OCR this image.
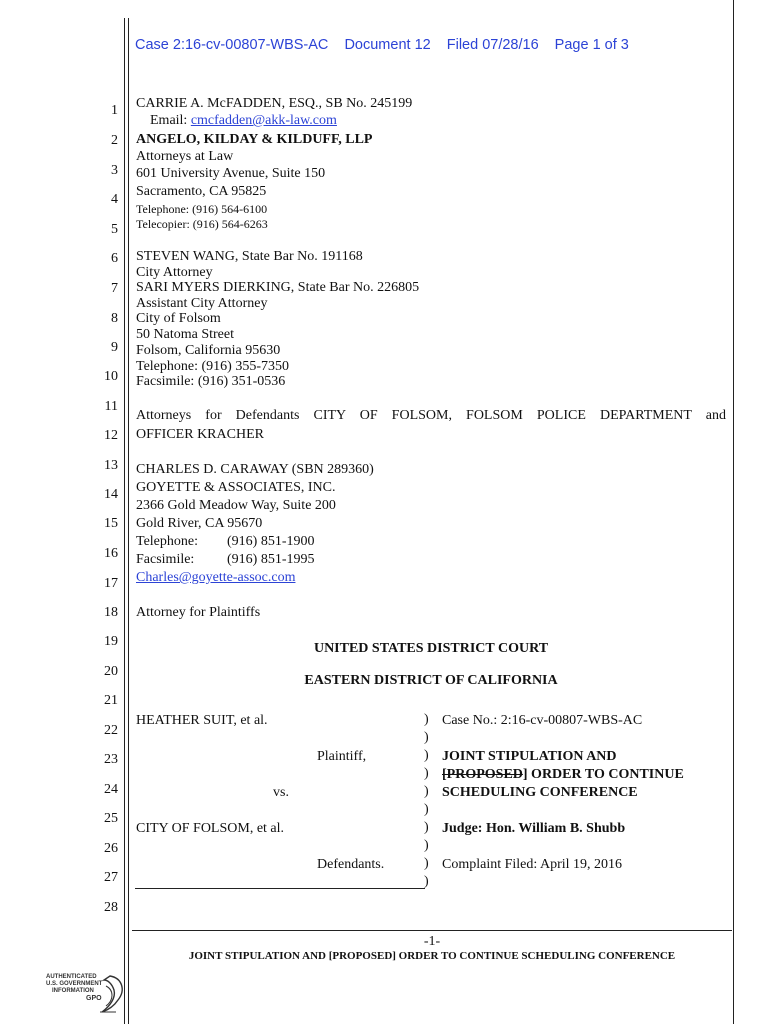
Case 2:16-cv-00807-WBS-AC Document 12 Filed 07/28/16 Page 1 of 3
1
2
3
4
5
6
7
8
9
10
11
12
13
14
15
16
17
18
19
20
21
22
23
24
25
26
27
28
CARRIE A. McFADDEN, ESQ., SB No. 245199
Email: cmcfadden@akk-law.com
ANGELO, KILDAY & KILDUFF, LLP
Attorneys at Law
601 University Avenue, Suite 150
Sacramento, CA 95825
Telephone: (916) 564-6100
Telecopier: (916) 564-6263
STEVEN WANG, State Bar No. 191168
City Attorney
SARI MYERS DIERKING, State Bar No. 226805
Assistant City Attorney
City of Folsom
50 Natoma Street
Folsom, California 95630
Telephone: (916) 355-7350
Facsimile: (916) 351-0536
Attorneys for Defendants CITY OF FOLSOM, FOLSOM POLICE DEPARTMENT and
OFFICER KRACHER
CHARLES D. CARAWAY (SBN 289360)
GOYETTE & ASSOCIATES, INC.
2366 Gold Meadow Way, Suite 200
Gold River, CA 95670
Telephone: (916) 851-1900
Facsimile: (916) 851-1995
Charles@goyette-assoc.com
Attorney for Plaintiffs
UNITED STATES DISTRICT COURT
EASTERN DISTRICT OF CALIFORNIA
HEATHER SUIT, et al.
Plaintiff,
vs.
CITY OF FOLSOM, et al.
Defendants.
)
)
)
)
)
)
)
)
)
)
Case No.: 2:16-cv-00807-WBS-AC
JOINT STIPULATION AND
[PROPOSED] ORDER TO CONTINUE
SCHEDULING CONFERENCE
Judge: Hon. William B. Shubb
Complaint Filed: April 19, 2016
-1-
JOINT STIPULATION AND [PROPOSED] ORDER TO CONTINUE SCHEDULING CONFERENCE
AUTHENTICATED
U.S. GOVERNMENT
INFORMATION
GPO
